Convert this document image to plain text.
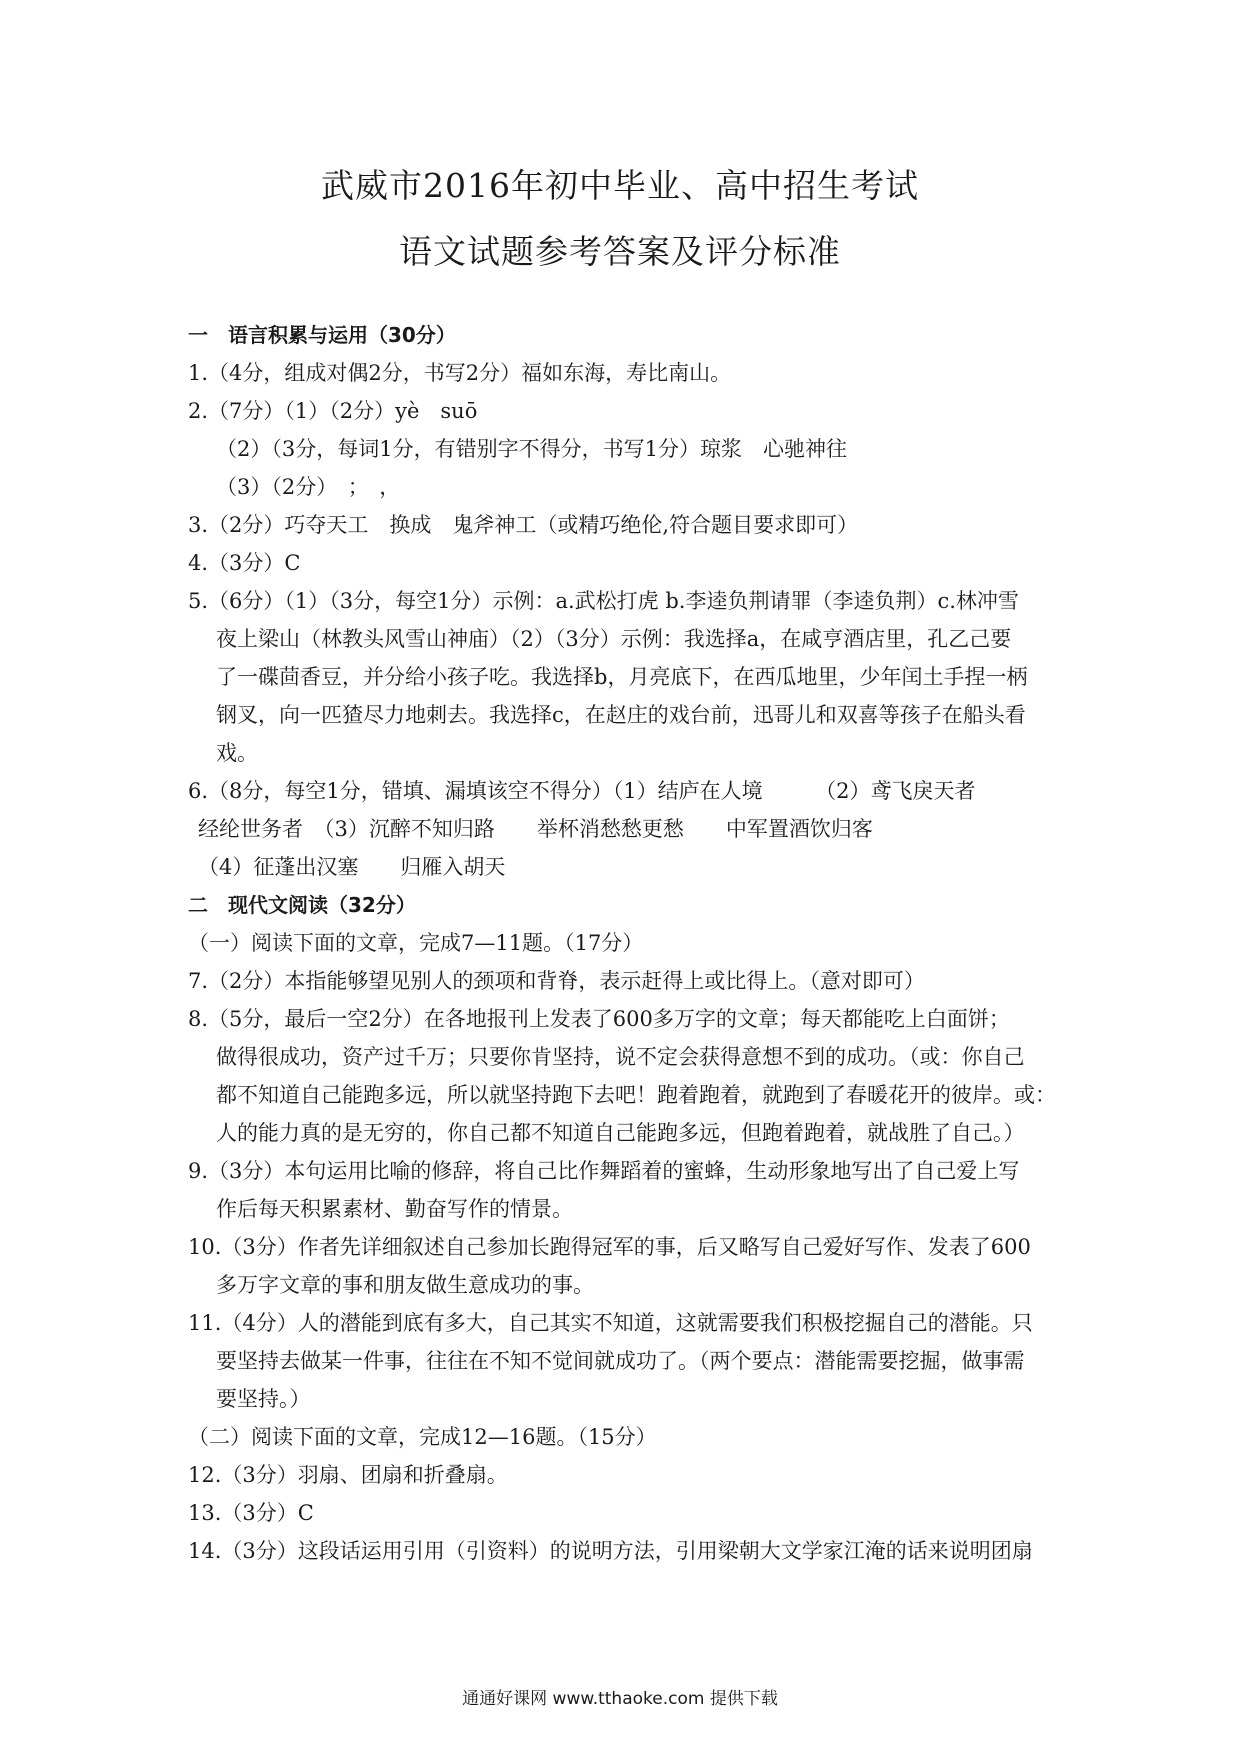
武威市2016年初中毕业、高中招生考试
语文试题参考答案及评分标准
一　语言积累与运用（30分）
1.（4分，组成对偶2分，书写2分）福如东海，寿比南山。
2.（7分）（1）（2分）yè　suō
（2）（3分，每词1分，有错别字不得分，书写1分）琼浆　心驰神往
（3）（2分）　；　，
3.（2分）巧夺天工　换成　鬼斧神工（或精巧绝伦,符合题目要求即可）
4.（3分）C
5.（6分）（1）（3分，每空1分）示例：a.武松打虎 b.李逵负荆请罪（李逵负荆）c.林冲雪
夜上梁山（林教头风雪山神庙）（2）（3分）示例：我选择a，在咸亨酒店里，孔乙己要
了一碟茴香豆，并分给小孩子吃。我选择b，月亮底下，在西瓜地里，少年闰土手捏一柄
钢叉，向一匹猹尽力地刺去。我选择c，在赵庄的戏台前，迅哥儿和双喜等孩子在船头看
戏。
6.（8分，每空1分，错填、漏填该空不得分）（1）结庐在人境　　　（2）鸢飞戾天者
经纶世务者　（3）沉醉不知归路　　举杯消愁愁更愁　　中军置酒饮归客
（4）征蓬出汉塞　　归雁入胡天
二　现代文阅读（32分）
（一）阅读下面的文章，完成7—11题。（17分）
7.（2分）本指能够望见别人的颈项和背脊，表示赶得上或比得上。（意对即可）
8.（5分，最后一空2分）在各地报刊上发表了600多万字的文章；每天都能吃上白面饼；
做得很成功，资产过千万；只要你肯坚持，说不定会获得意想不到的成功。（或：你自己
都不知道自己能跑多远，所以就坚持跑下去吧！跑着跑着，就跑到了春暖花开的彼岸。或：
人的能力真的是无穷的，你自己都不知道自己能跑多远，但跑着跑着，就战胜了自己。）
9.（3分）本句运用比喻的修辞，将自己比作舞蹈着的蜜蜂，生动形象地写出了自己爱上写
作后每天积累素材、勤奋写作的情景。
10.（3分）作者先详细叙述自己参加长跑得冠军的事，后又略写自己爱好写作、发表了600
多万字文章的事和朋友做生意成功的事。
11.（4分）人的潜能到底有多大，自己其实不知道，这就需要我们积极挖掘自己的潜能。只
要坚持去做某一件事，往往在不知不觉间就成功了。（两个要点：潜能需要挖掘，做事需
要坚持。）
（二）阅读下面的文章，完成12—16题。（15分）
12.（3分）羽扇、团扇和折叠扇。
13.（3分）C
14.（3分）这段话运用引用（引资料）的说明方法，引用梁朝大文学家江淹的话来说明团扇
通通好课网 www.tthaoke.com 提供下载
